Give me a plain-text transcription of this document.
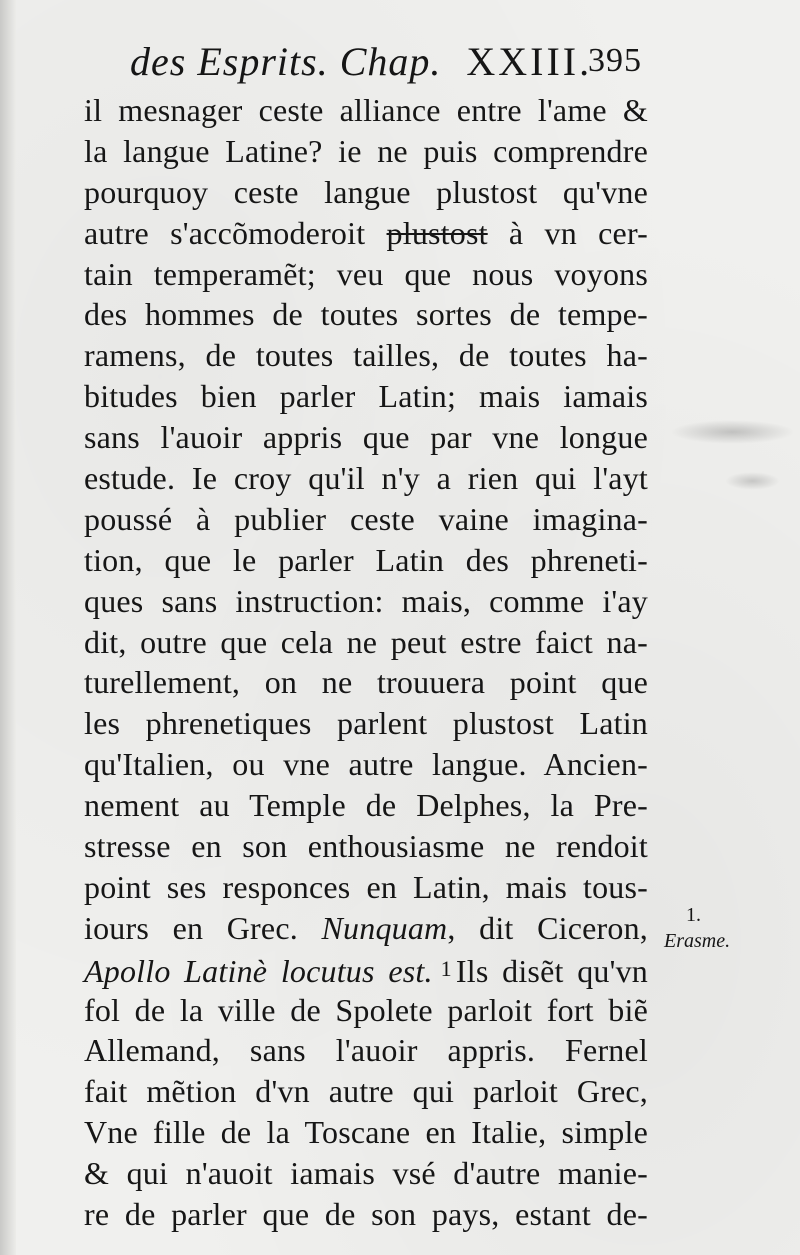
des Esprits. Chap. XXIII.
395
il mesnager ceste alliance entre l'ame &
la langue Latine? ie ne puis comprendre
pourquoy ceste langue plustost qu'vne
autre s'accõmoderoit plustost à vn cer-
tain temperamẽt; veu que nous voyons
des hommes de toutes sortes de tempe-
ramens, de toutes tailles, de toutes ha-
bitudes bien parler Latin; mais iamais
sans l'auoir appris que par vne longue
estude. Ie croy qu'il n'y a rien qui l'ayt
poussé à publier ceste vaine imagina-
tion, que le parler Latin des phreneti-
ques sans instruction: mais, comme i'ay
dit, outre que cela ne peut estre faict na-
turellement, on ne trouuera point que
les phrenetiques parlent plustost Latin
qu'Italien, ou vne autre langue. Ancien-
nement au Temple de Delphes, la Pre-
stresse en son enthousiasme ne rendoit
point ses responces en Latin, mais tous-
iours en Grec. Nunquam, dit Ciceron,
Apollo Latinè locutus est. 1 Ils disẽt qu'vn
fol de la ville de Spolete parloit fort biẽ
Allemand, sans l'auoir appris. Fernel
fait mẽtion d'vn autre qui parloit Grec,
Vne fille de la Toscane en Italie, simple
& qui n'auoit iamais vsé d'autre manie-
re de parler que de son pays, estant de-
1.
Erasme.
